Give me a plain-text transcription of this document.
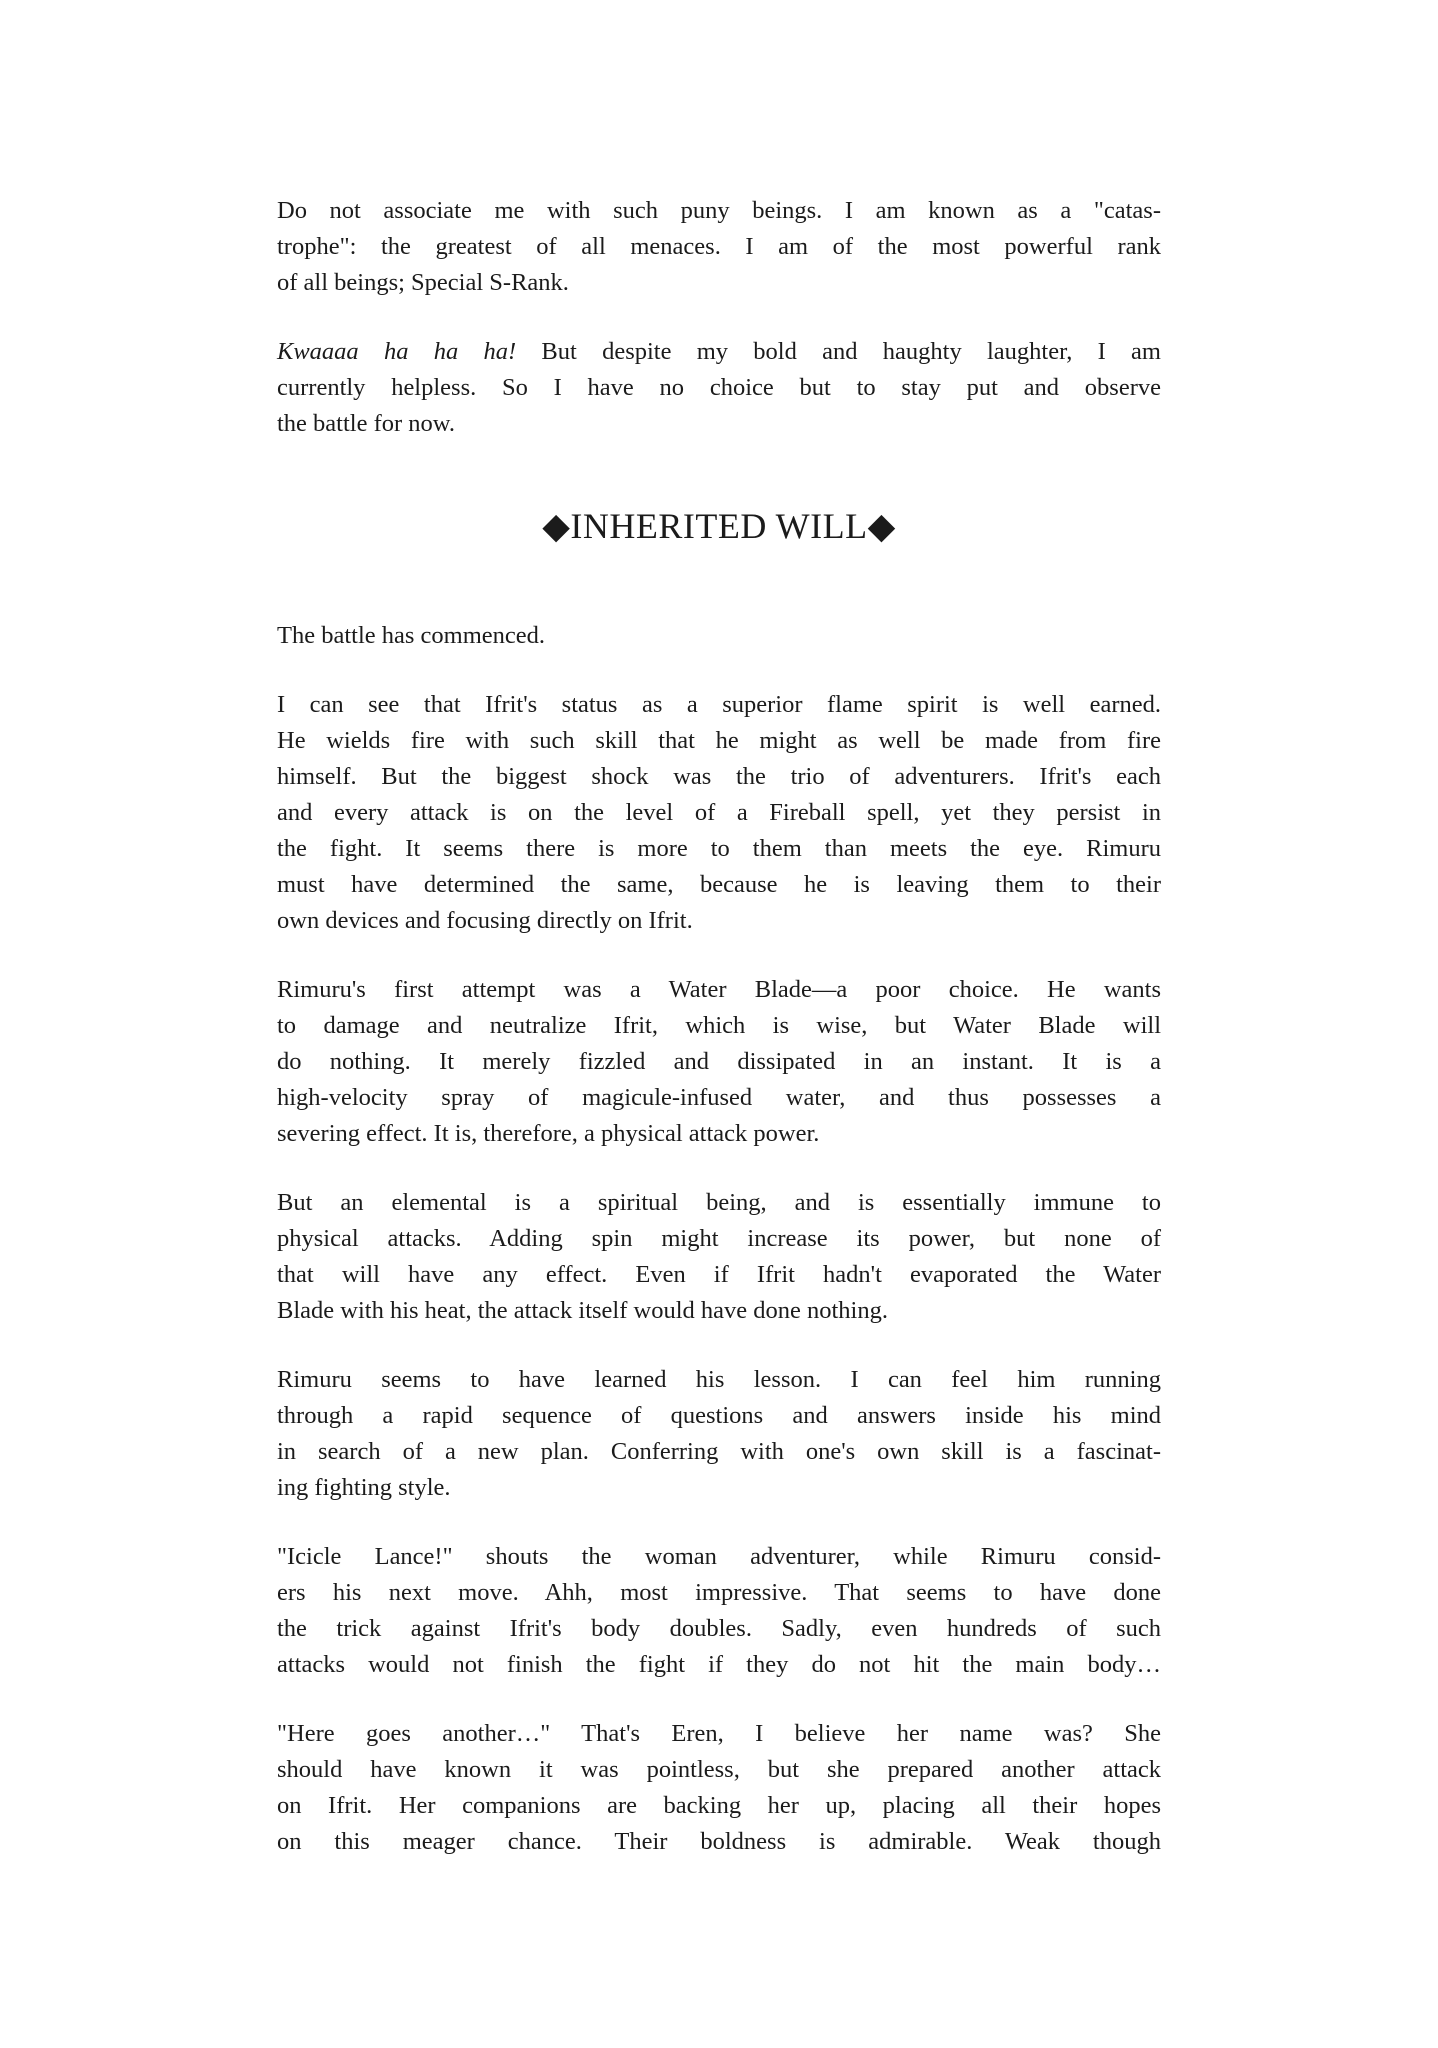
Do not associate me with such puny beings. I am known as a "catas-
trophe": the greatest of all menaces. I am of the most powerful rank
of all beings; Special S-Rank.
Kwaaaa ha ha ha! But despite my bold and haughty laughter, I am
currently helpless. So I have no choice but to stay put and observe
the battle for now.
◆INHERITED WILL◆
The battle has commenced.
I can see that Ifrit's status as a superior flame spirit is well earned.
He wields fire with such skill that he might as well be made from fire
himself. But the biggest shock was the trio of adventurers. Ifrit's each
and every attack is on the level of a Fireball spell, yet they persist in
the fight. It seems there is more to them than meets the eye. Rimuru
must have determined the same, because he is leaving them to their
own devices and focusing directly on Ifrit.
Rimuru's first attempt was a Water Blade—a poor choice. He wants
to damage and neutralize Ifrit, which is wise, but Water Blade will
do nothing. It merely fizzled and dissipated in an instant. It is a
high-velocity spray of magicule-infused water, and thus possesses a
severing effect. It is, therefore, a physical attack power.
But an elemental is a spiritual being, and is essentially immune to
physical attacks. Adding spin might increase its power, but none of
that will have any effect. Even if Ifrit hadn't evaporated the Water
Blade with his heat, the attack itself would have done nothing.
Rimuru seems to have learned his lesson. I can feel him running
through a rapid sequence of questions and answers inside his mind
in search of a new plan. Conferring with one's own skill is a fascinat-
ing fighting style.
"Icicle Lance!" shouts the woman adventurer, while Rimuru consid-
ers his next move. Ahh, most impressive. That seems to have done
the trick against Ifrit's body doubles. Sadly, even hundreds of such
attacks would not finish the fight if they do not hit the main body…
"Here goes another…" That's Eren, I believe her name was? She
should have known it was pointless, but she prepared another attack
on Ifrit. Her companions are backing her up, placing all their hopes
on this meager chance. Their boldness is admirable. Weak though
